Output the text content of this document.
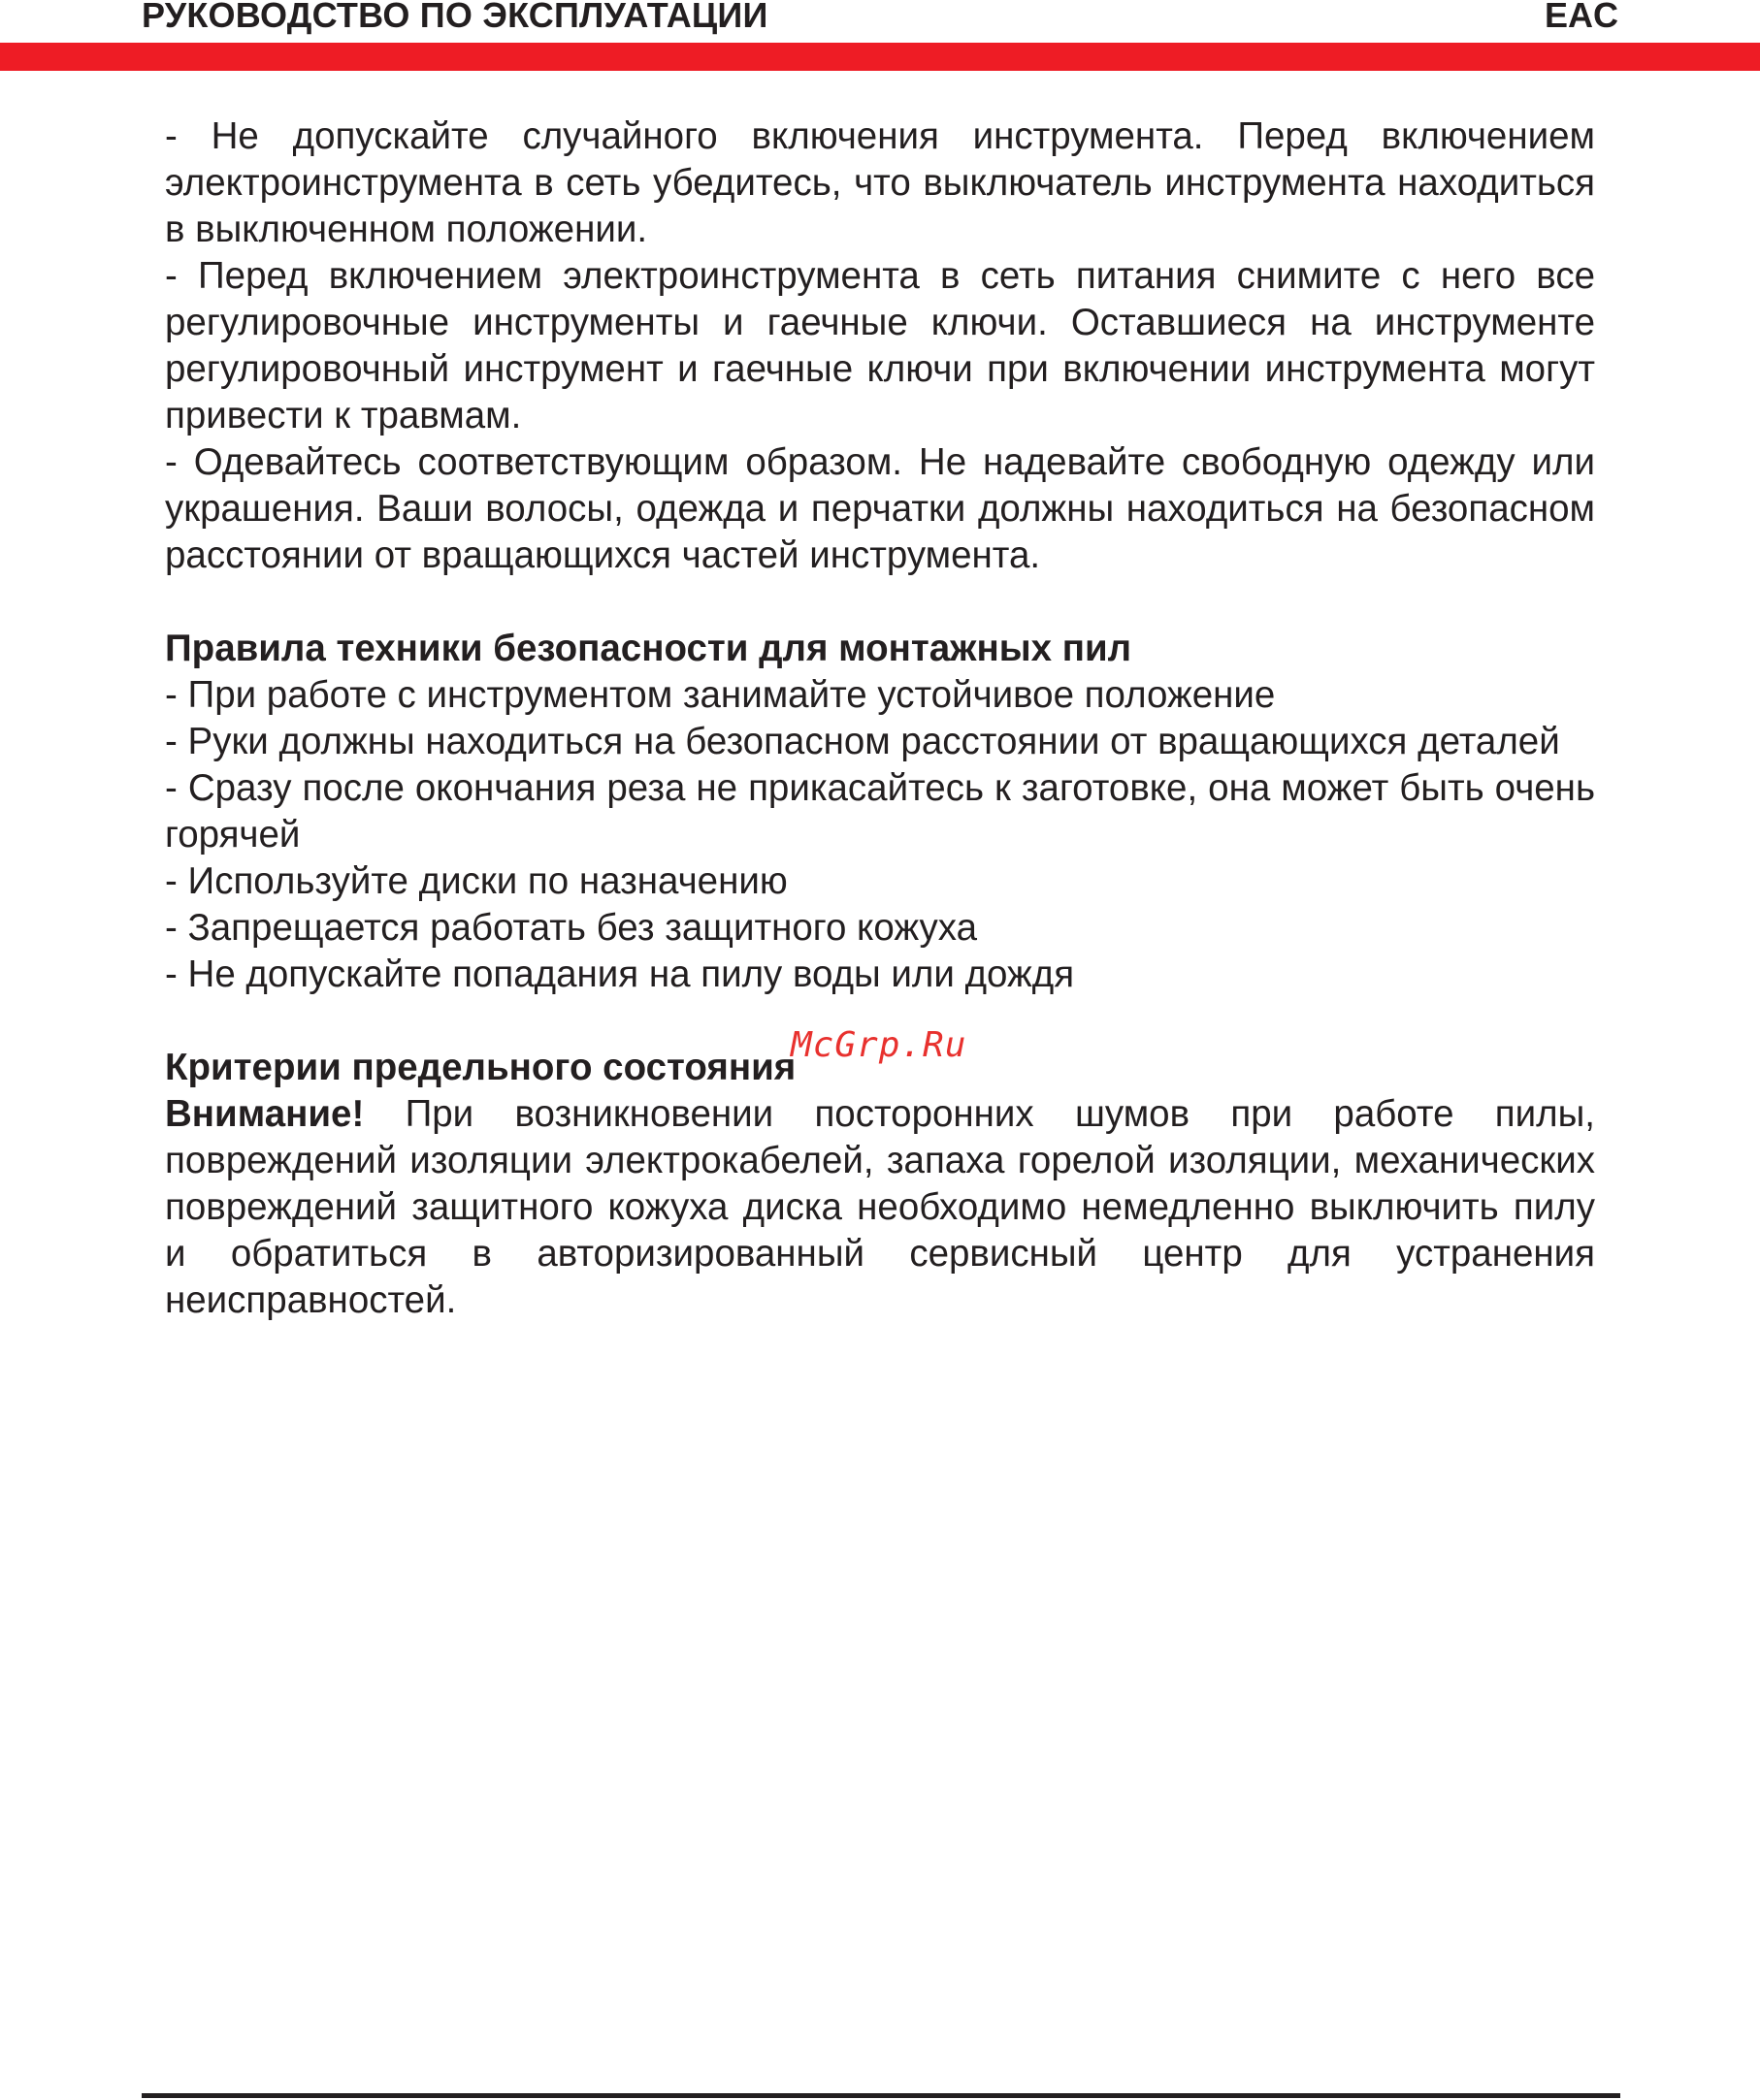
РУКОВОДСТВО ПО ЭКСПЛУАТАЦИИ	EAC

- Не допускайте случайного включения инструмента. Перед включением электроинструмента в сеть убедитесь, что выключатель инструмента находиться в выключенном положении.

- Перед включением электроинструмента в сеть питания снимите с него все регулировочные инструменты и гаечные ключи. Оставшиеся на инструменте регулировочный инструмент и гаечные ключи при включении инструмента могут привести к травмам.

- Одевайтесь соответствующим образом. Не надевайте свободную одежду или украшения. Ваши волосы, одежда и перчатки должны находиться на безопасном расстоянии от вращающихся частей инструмента.

Правила техники безопасности для монтажных пил

- При работе с инструментом занимайте устойчивое положение

- Руки должны находиться на безопасном расстоянии от вращающихся деталей

- Сразу после окончания реза не прикасайтесь к заготовке, она может быть очень горячей

- Используйте диски по назначению

- Запрещается работать без защитного кожуха

- Не допускайте попадания на пилу воды или дождя

Критерии предельного состояния

Внимание! При возникновении посторонних шумов при работе пилы, повреждений изоляции электрокабелей, запаха горелой изоляции, механических повреждений защитного кожуха диска необходимо немедленно выключить пилу и обратиться в авторизированный сервисный центр для устранения неисправностей.

McGrp.Ru
